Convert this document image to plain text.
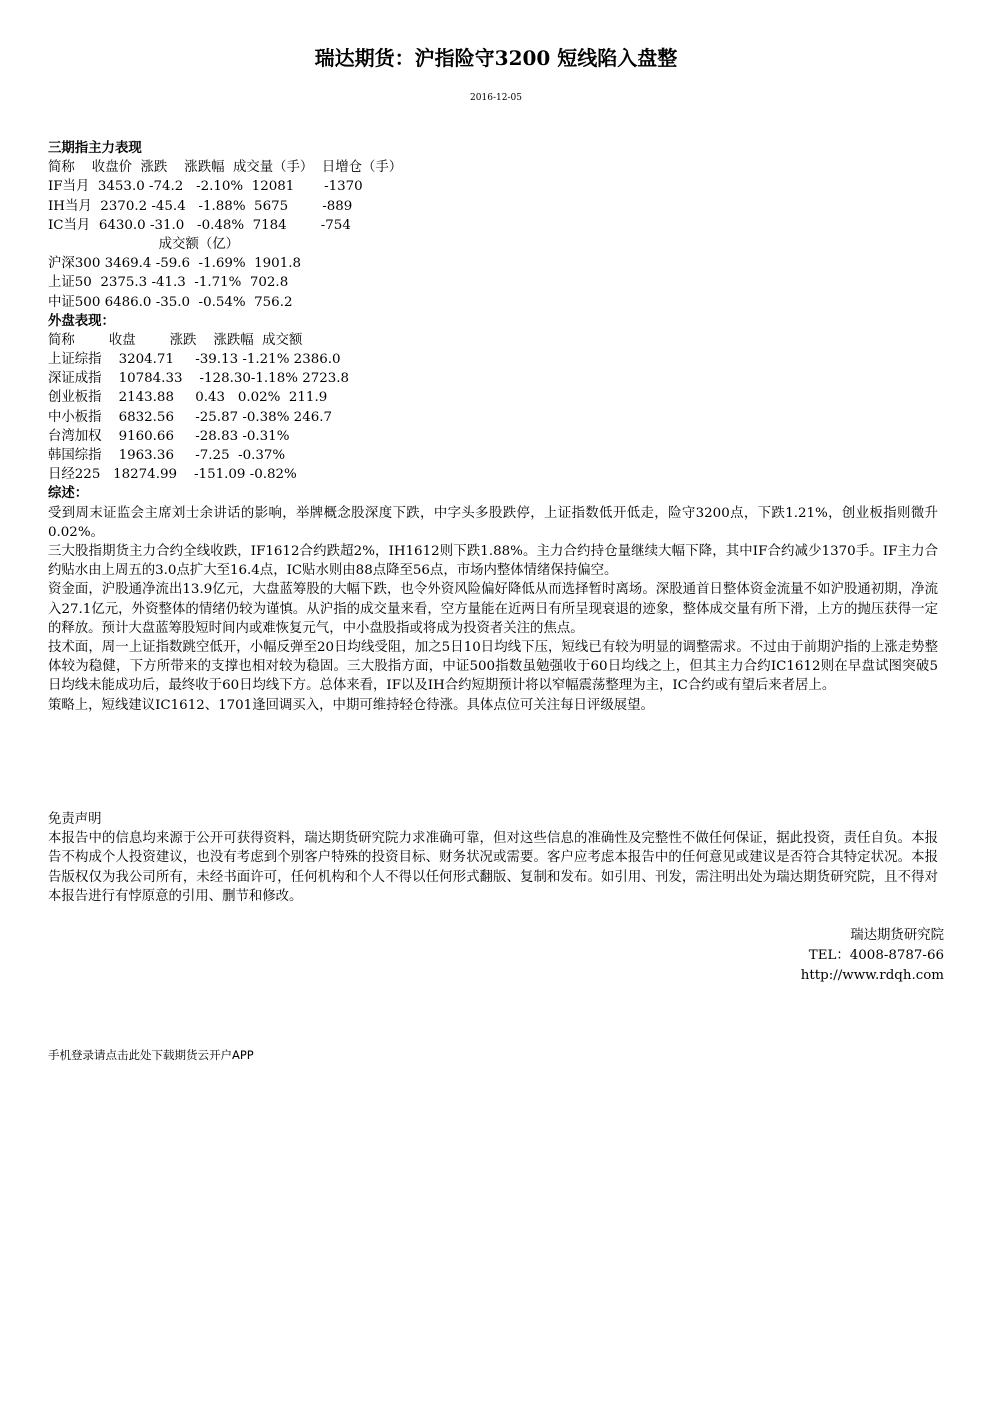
瑞达期货：沪指险守3200 短线陷入盘整
2016-12-05
三期指主力表现
简称    收盘价  涨跌    涨跌幅  成交量（手）  日增仓（手）
IF当月  3453.0 -74.2   -2.10%  12081       -1370
IH当月  2370.2 -45.4   -1.88%  5675        -889
IC当月  6430.0 -31.0   -0.48%  7184        -754
成交额（亿）
沪深300 3469.4 -59.6  -1.69%  1901.8
上证50  2375.3 -41.3  -1.71%  702.8
中证500 6486.0 -35.0  -0.54%  756.2
外盘表现：
简称        收盘        涨跌    涨跌幅  成交额
上证综指    3204.71     -39.13 -1.21% 2386.0
深证成指    10784.33    -128.30-1.18% 2723.8
创业板指    2143.88     0.43   0.02%  211.9
中小板指    6832.56     -25.87 -0.38% 246.7
台湾加权    9160.66     -28.83 -0.31%
韩国综指    1963.36     -7.25  -0.37%
日经225   18274.99    -151.09 -0.82%
综述：

受到周末证监会主席刘士余讲话的影响，举牌概念股深度下跌，中字头多股跌停，上证指数低开低走，险守3200点，下跌1.21%，创业板指则微升0.02%。

三大股指期货主力合约全线收跌，IF1612合约跌超2%，IH1612则下跌1.88%。主力合约持仓量继续大幅下降，其中IF合约减少1370手。IF主力合约贴水由上周五的3.0点扩大至16.4点，IC贴水则由88点降至56点，市场内整体情绪保持偏空。

资金面，沪股通净流出13.9亿元，大盘蓝筹股的大幅下跌，也令外资风险偏好降低从而选择暂时离场。深股通首日整体资金流量不如沪股通初期，净流入27.1亿元，外资整体的情绪仍较为谨慎。从沪指的成交量来看，空方量能在近两日有所呈现衰退的迹象，整体成交量有所下滑，上方的抛压获得一定的释放。预计大盘蓝筹股短时间内或难恢复元气，中小盘股指或将成为投资者关注的焦点。

技术面，周一上证指数跳空低开，小幅反弹至20日均线受阻，加之5日10日均线下压，短线已有较为明显的调整需求。不过由于前期沪指的上涨走势整体较为稳健，下方所带来的支撑也相对较为稳固。三大股指方面，中证500指数虽勉强收于60日均线之上，但其主力合约IC1612则在早盘试图突破5日均线未能成功后，最终收于60日均线下方。总体来看，IF以及IH合约短期预计将以窄幅震荡整理为主，IC合约或有望后来者居上。

策略上，短线建议IC1612、1701逢回调买入，中期可维持轻仓待涨。具体点位可关注每日评级展望。

免责声明

本报告中的信息均来源于公开可获得资料，瑞达期货研究院力求准确可靠，但对这些信息的准确性及完整性不做任何保证，据此投资，责任自负。本报告不构成个人投资建议，也没有考虑到个别客户特殊的投资目标、财务状况或需要。客户应考虑本报告中的任何意见或建议是否符合其特定状况。本报告版权仅为我公司所有，未经书面许可，任何机构和个人不得以任何形式翻版、复制和发布。如引用、刊发，需注明出处为瑞达期货研究院，且不得对本报告进行有悖原意的引用、删节和修改。

瑞达期货研究院
TEL：4008-8787-66
http://www.rdqh.com
手机登录请点击此处下载期货云开户APP
